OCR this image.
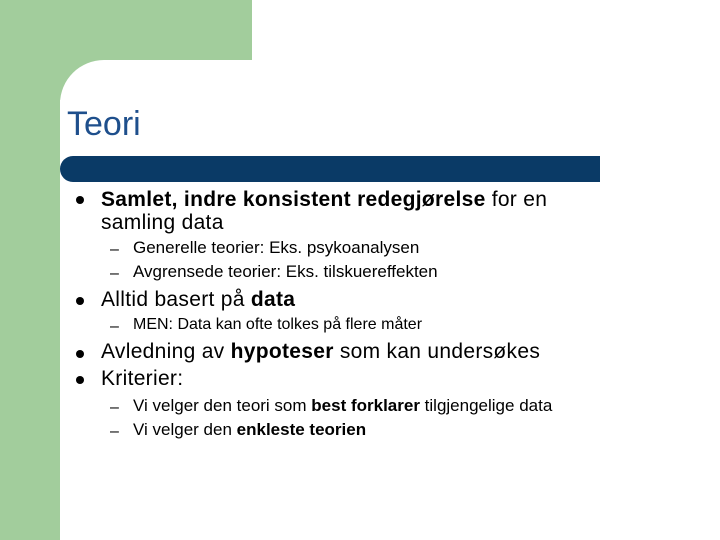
Teori
Samlet, indre konsistent redegjørelse for en
samling data
– Generelle teorier: Eks. psykoanalysen
– Avgrensede teorier: Eks. tilskuereffekten
Alltid basert på data
– MEN: Data kan ofte tolkes på flere måter
Avledning av hypoteser som kan undersøkes
Kriterier:
– Vi velger den teori som best forklarer tilgjengelige data
– Vi velger den enkleste teorien
